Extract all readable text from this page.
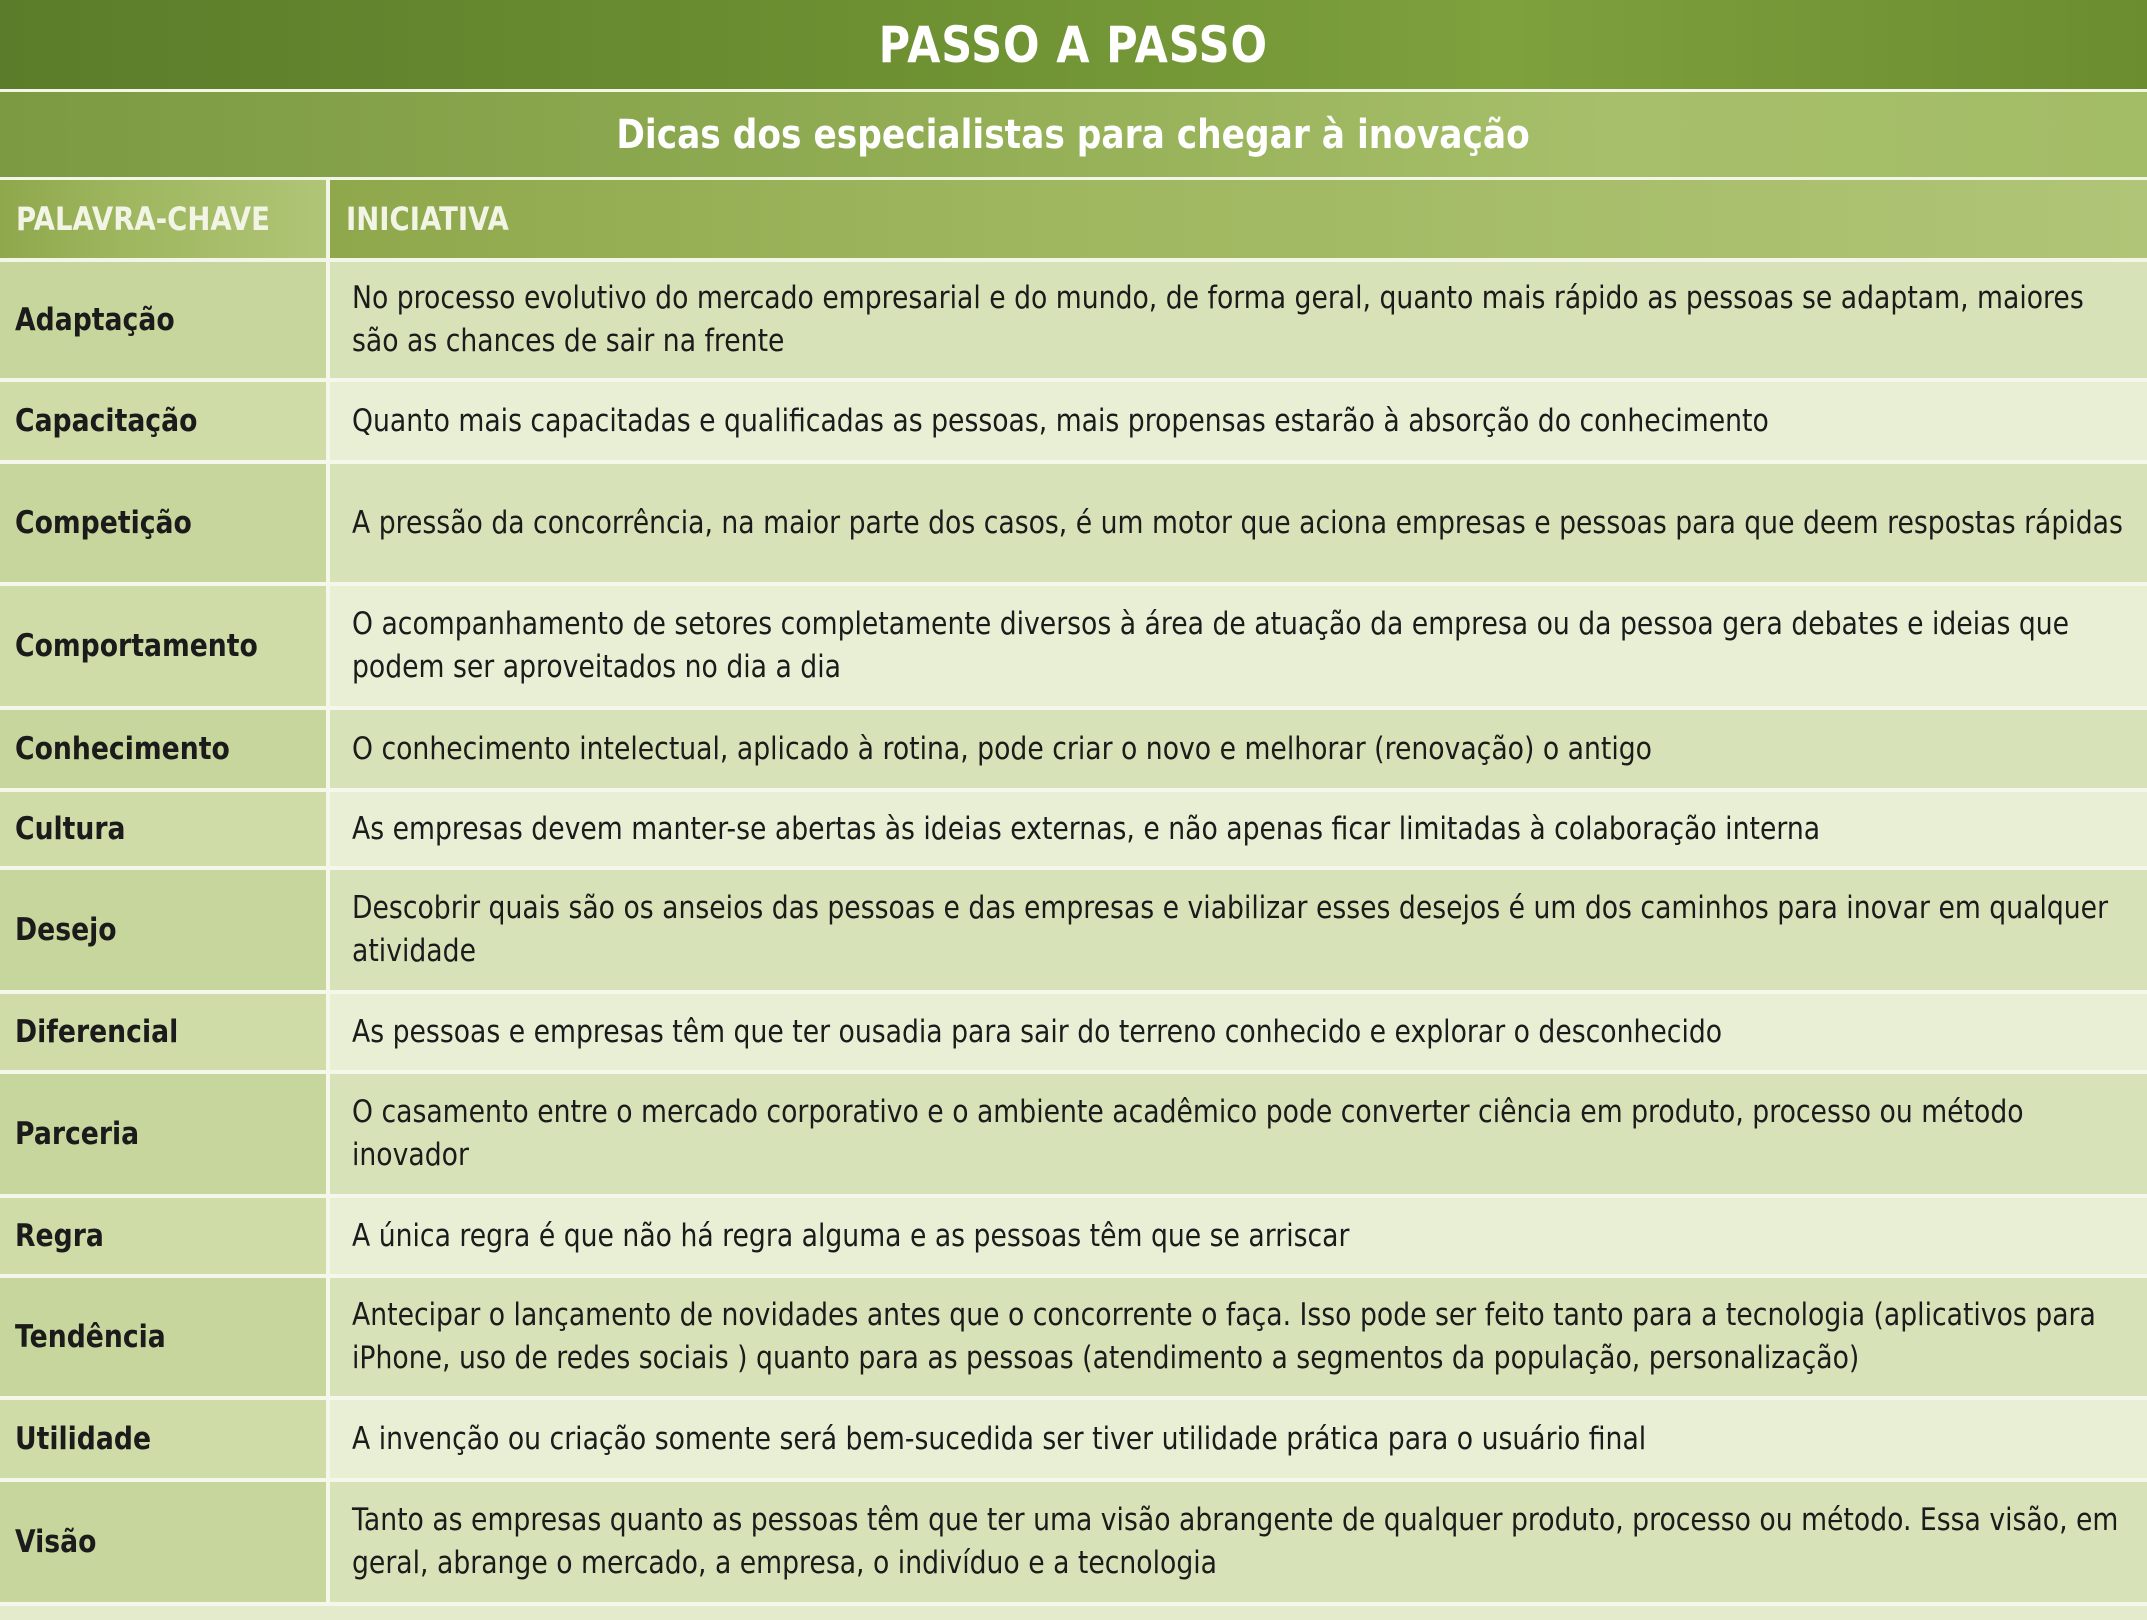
PASSO A PASSO
Dicas dos especialistas para chegar à inovação
PALAVRA-CHAVE	INICIATIVA
Adaptação	No processo evolutivo do mercado empresarial e do mundo, de forma geral, quanto mais rápido as pessoas se adaptam, maiores são as chances de sair na frente

Capacitação	Quanto mais capacitadas e qualificadas as pessoas, mais propensas estarão à absorção do conhecimento

Competição	A pressão da concorrência, na maior parte dos casos, é um motor que aciona empresas e pessoas para que deem respostas rápidas

Comportamento	O acompanhamento de setores completamente diversos à área de atuação da empresa ou da pessoa gera debates e ideias que podem ser aproveitados no dia a dia

Conhecimento	O conhecimento intelectual, aplicado à rotina, pode criar o novo e melhorar (renovação) o antigo

Cultura	As empresas devem manter-se abertas às ideias externas, e não apenas ficar limitadas à colaboração interna

Desejo	Descobrir quais são os anseios das pessoas e das empresas e viabilizar esses desejos é um dos caminhos para inovar em qualquer atividade

Diferencial	As pessoas e empresas têm que ter ousadia para sair do terreno conhecido e explorar o desconhecido

Parceria	O casamento entre o mercado corporativo e o ambiente acadêmico pode converter ciência em produto, processo ou método inovador

Regra	A única regra é que não há regra alguma e as pessoas têm que se arriscar

Tendência	Antecipar o lançamento de novidades antes que o concorrente o faça. Isso pode ser feito tanto para a tecnologia (aplicativos para iPhone, uso de redes sociais ) quanto para as pessoas (atendimento a segmentos da população, personalização)

Utilidade	A invenção ou criação somente será bem-sucedida ser tiver utilidade prática para o usuário final

Visão	Tanto as empresas quanto as pessoas têm que ter uma visão abrangente de qualquer produto, processo ou método. Essa visão, em geral, abrange o mercado, a empresa, o indivíduo e a tecnologia
